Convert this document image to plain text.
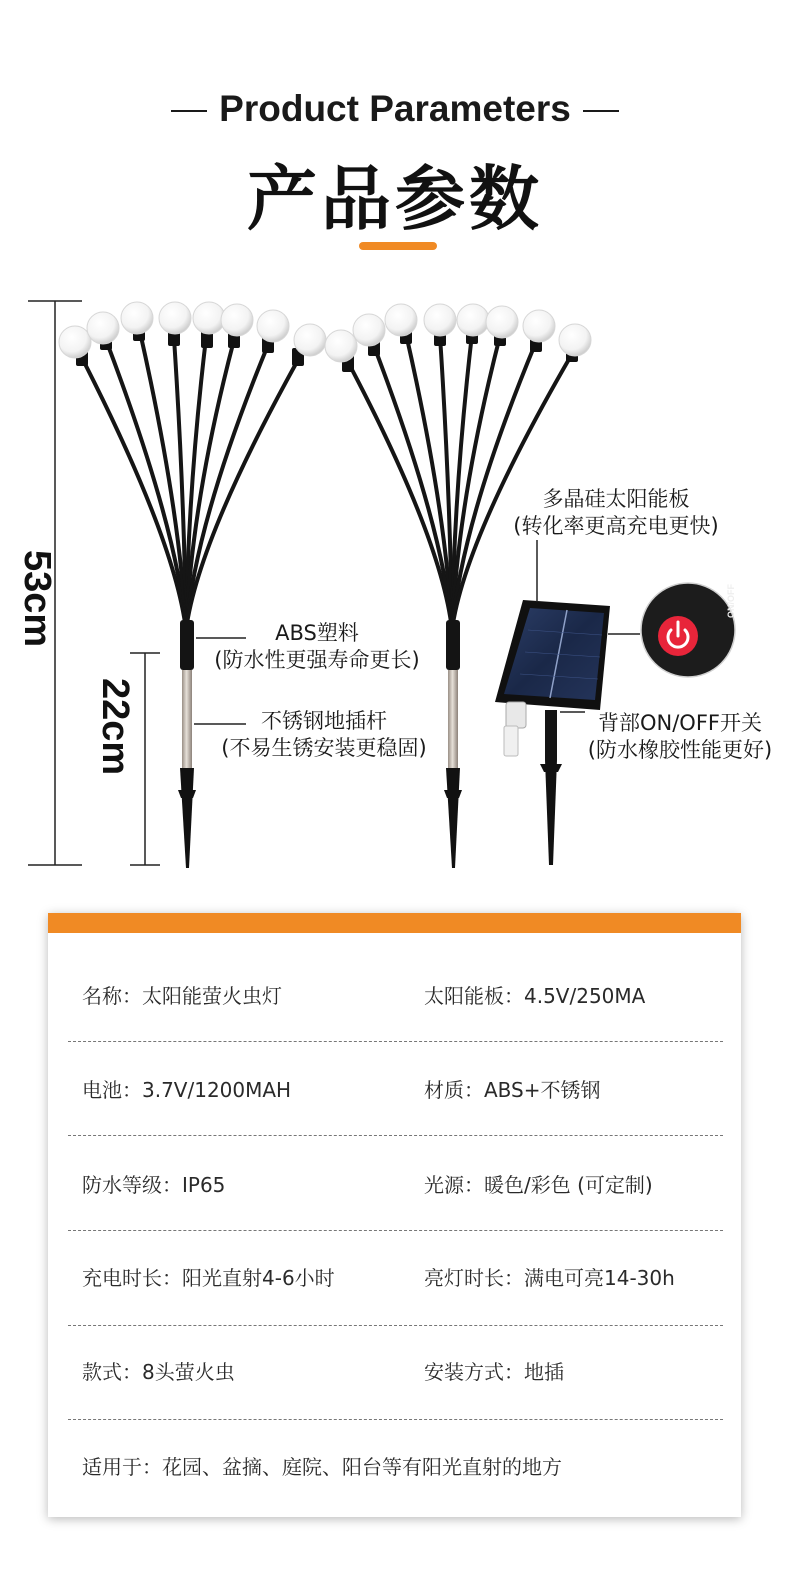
Product Parameters
产品参数
53cm
22cm
ON/OFF
ABS塑料
(防水性更强寿命更长)
不锈钢地插杆
(不易生锈安装更稳固)
多晶硅太阳能板
(转化率更高充电更快)
背部ON/OFF开关
(防水橡胶性能更好)
名称：太阳能萤火虫灯	太阳能板：4.5V/250MA
电池：3.7V/1200MAH	材质：ABS+不锈钢
防水等级：IP65	光源：暖色/彩色 (可定制)
充电时长：阳光直射4-6小时	亮灯时长：满电可亮14-30h
款式：8头萤火虫	安装方式：地插
适用于：花园、盆摘、庭院、阳台等有阳光直射的地方
